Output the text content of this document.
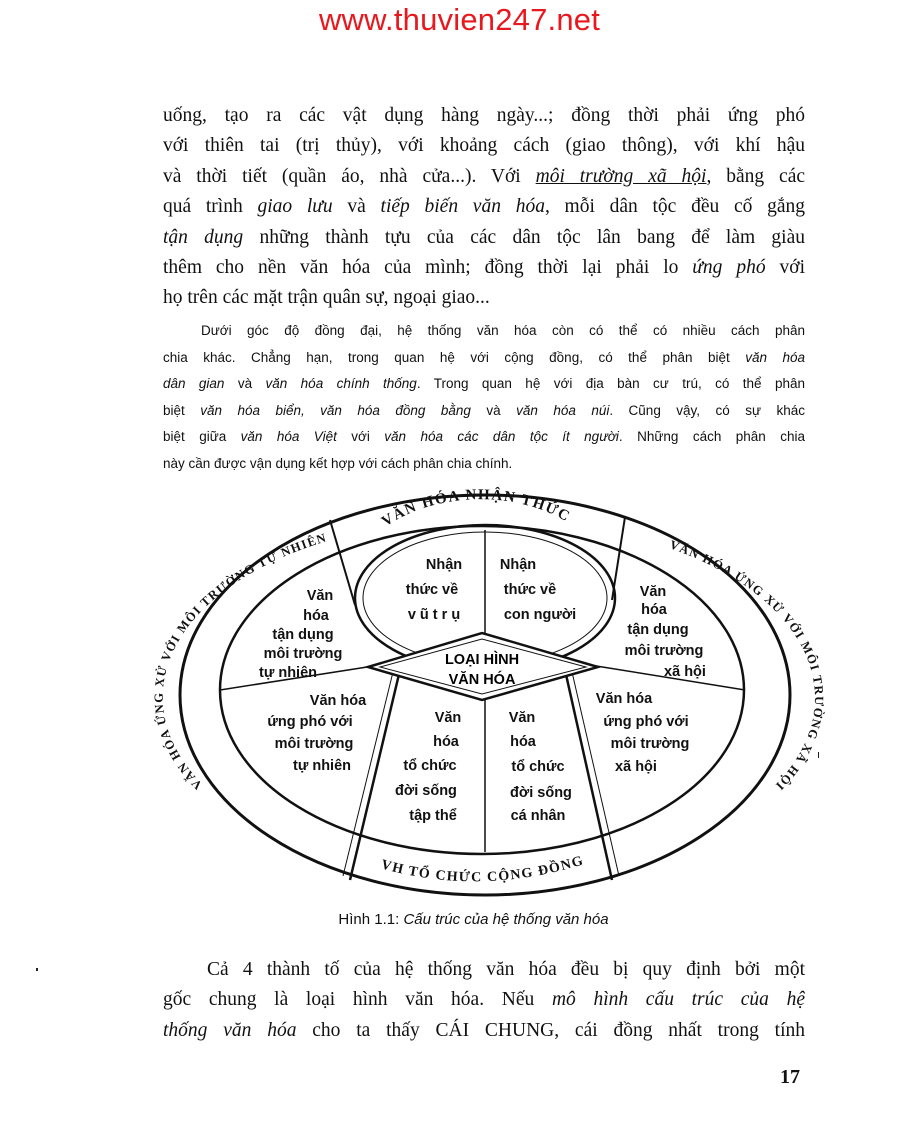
www.thuvien247.net
uống, tạo ra các vật dụng hàng ngày...; đồng thời phải ứng phó
với thiên tai (trị thủy), với khoảng cách (giao thông), với khí hậu
và thời tiết (quần áo, nhà cửa...). Với môi trường xã hội, bằng các
quá trình giao lưu và tiếp biến văn hóa, mỗi dân tộc đều cố gắng
tận dụng những thành tựu của các dân tộc lân bang để làm giàu
thêm cho nền văn hóa của mình; đồng thời lại phải lo ứng phó với
họ trên các mặt trận quân sự, ngoại giao...
Dưới góc độ đồng đại, hệ thống văn hóa còn có thể có nhiều cách phân
chia khác. Chẳng hạn, trong quan hệ với cộng đồng, có thể phân biệt văn hóa
dân gian và văn hóa chính thống. Trong quan hệ với địa bàn cư trú, có thể phân
biệt văn hóa biển, văn hóa đồng bằng và văn hóa núi. Cũng vậy, có sự khác
biệt giữa văn hóa Việt với văn hóa các dân tộc ít người. Những cách phân chia
này cần được vận dụng kết hợp với cách phân chia chính.
LOẠI HÌNH VĂN HÓA
VĂN HÓA NHẬN THỨC
VĂN HÓA ỨNG XỬ VỚI MÔI TRƯỜNG TỰ NHIÊN	VĂN HÓA ỨNG XỬ VỚI MÔI TRƯỜNG XÃ HỘI
VH TỔ CHỨC CỘNG ĐỒNG
Nhận thức về v ũ t r ụ
Nhận thức về con người
Văn hóa tận dụng môi trường tự nhiên
Văn hóa tận dụng môi trường xã hội
Văn hóa ứng phó với môi trường tự nhiên
Văn hóa ứng phó với môi trường xã hội
Văn hóa tổ chức đời sống tập thể
Văn hóa tổ chức đời sống cá nhân
Hình 1.1: Cấu trúc của hệ thống văn hóa
Cả 4 thành tố của hệ thống văn hóa đều bị quy định bởi một
gốc chung là loại hình văn hóa. Nếu mô hình cấu trúc của hệ
thống văn hóa cho ta thấy CÁI CHUNG, cái đồng nhất trong tính
17
